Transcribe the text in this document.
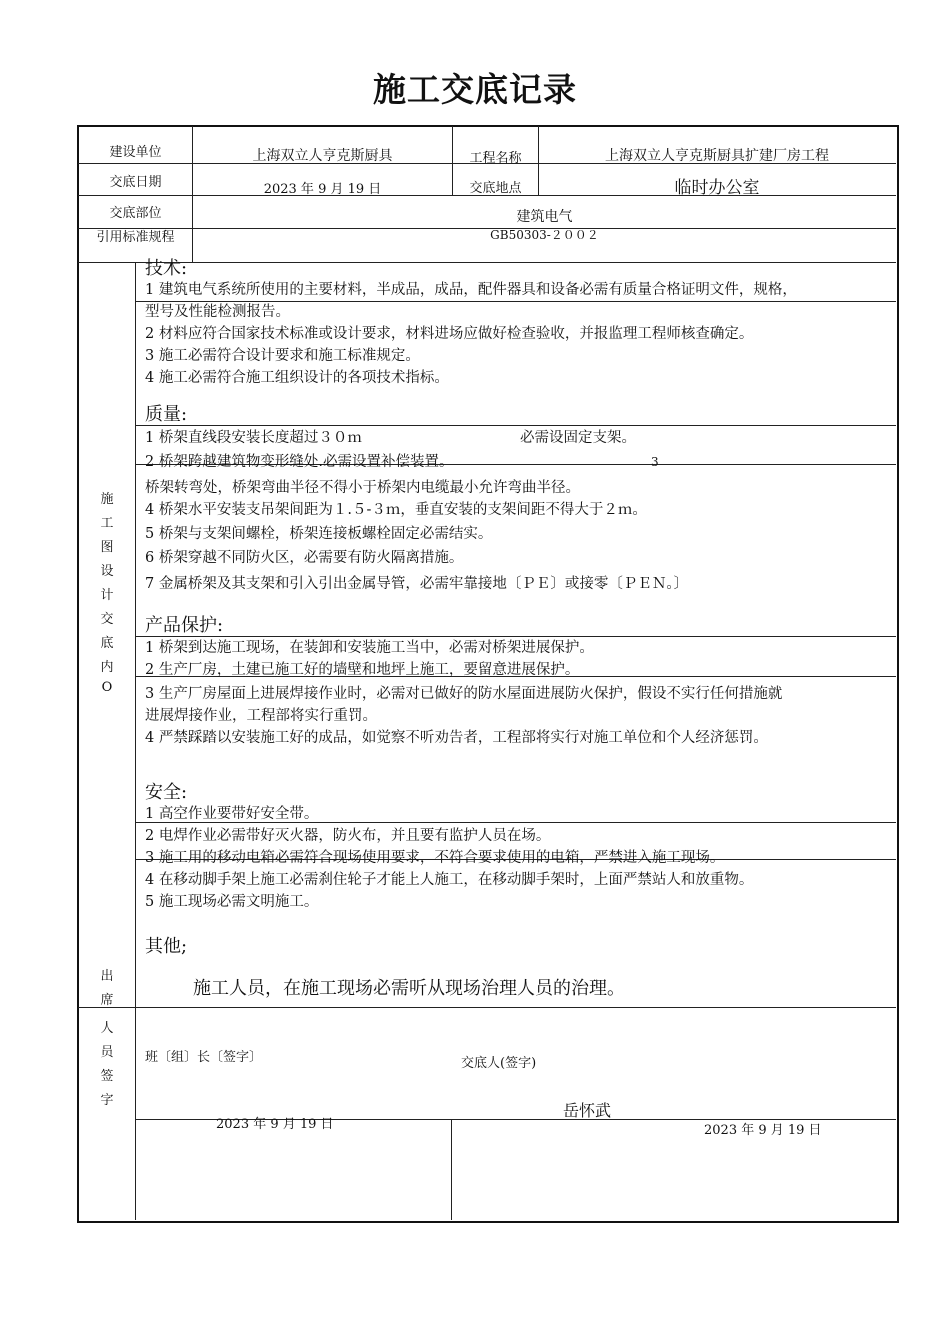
施工交底记录
建设单位	上海双立人亨克斯厨具	工程名称	上海双立人亨克斯厨具扩建厂房工程
交底日期	2023 年 9 月 19 日	交底地点	临时办公室
交底部位	建筑电气
引用标准规程	GB50303-２００２
施
工
图
设
计
交
底
内
O
出
席
人
员
签
字
技术:
1 建筑电气系统所使用的主要材料，半成品，成品，配件器具和设备必需有质量合格证明文件，规格，
型号及性能检测报告。
2 材料应符合国家技术标准或设计要求，材料进场应做好检查验收，并报监理工程师核查确定。
3 施工必需符合设计要求和施工标准规定。
4 施工必需符合施工组织设计的各项技术指标。
质量:
1 桥架直线段安装长度超过３０ｍ	必需设固定支架。
2 桥架跨越建筑物变形缝处.必需设置补偿装置。	3
桥架转弯处，桥架弯曲半径不得小于桥架内电缆最小允许弯曲半径。
4 桥架水平安装支吊架间距为１.５-３ｍ，垂直安装的支架间距不得大于２ｍ。
5 桥架与支架间螺栓，桥架连接板螺栓固定必需结实。
6 桥架穿越不同防火区，必需要有防火隔离措施。
7 金属桥架及其支架和引入引出金属导管，必需牢靠接地〔ＰＥ〕或接零〔ＰＥＮ。〕
产品保护:
1 桥架到达施工现场，在装卸和安装施工当中，必需对桥架进展保护。
2 生产厂房，土建已施工好的墙壁和地坪上施工，要留意进展保护。
3 生产厂房屋面上进展焊接作业时，必需对已做好的防水屋面进展防火保护，假设不实行任何措施就
进展焊接作业，工程部将实行重罚。
4 严禁踩踏以安装施工好的成品，如觉察不听劝告者，工程部将实行对施工单位和个人经济惩罚。
安全:
1 高空作业要带好安全带。
2 电焊作业必需带好灭火器，防火布，并且要有监护人员在场。
3 施工用的移动电箱必需符合现场使用要求，不符合要求使用的电箱，严禁进入施工现场。
4 在移动脚手架上施工必需刹住轮子才能上人施工，在移动脚手架时，上面严禁站人和放重物。
5 施工现场必需文明施工。
其他;
施工人员，在施工现场必需听从现场治理人员的治理。
班〔组〕长〔签字〕	交底人(签字)
岳怀武
2023 年 9 月 19 日	2023 年 9 月 19 日
